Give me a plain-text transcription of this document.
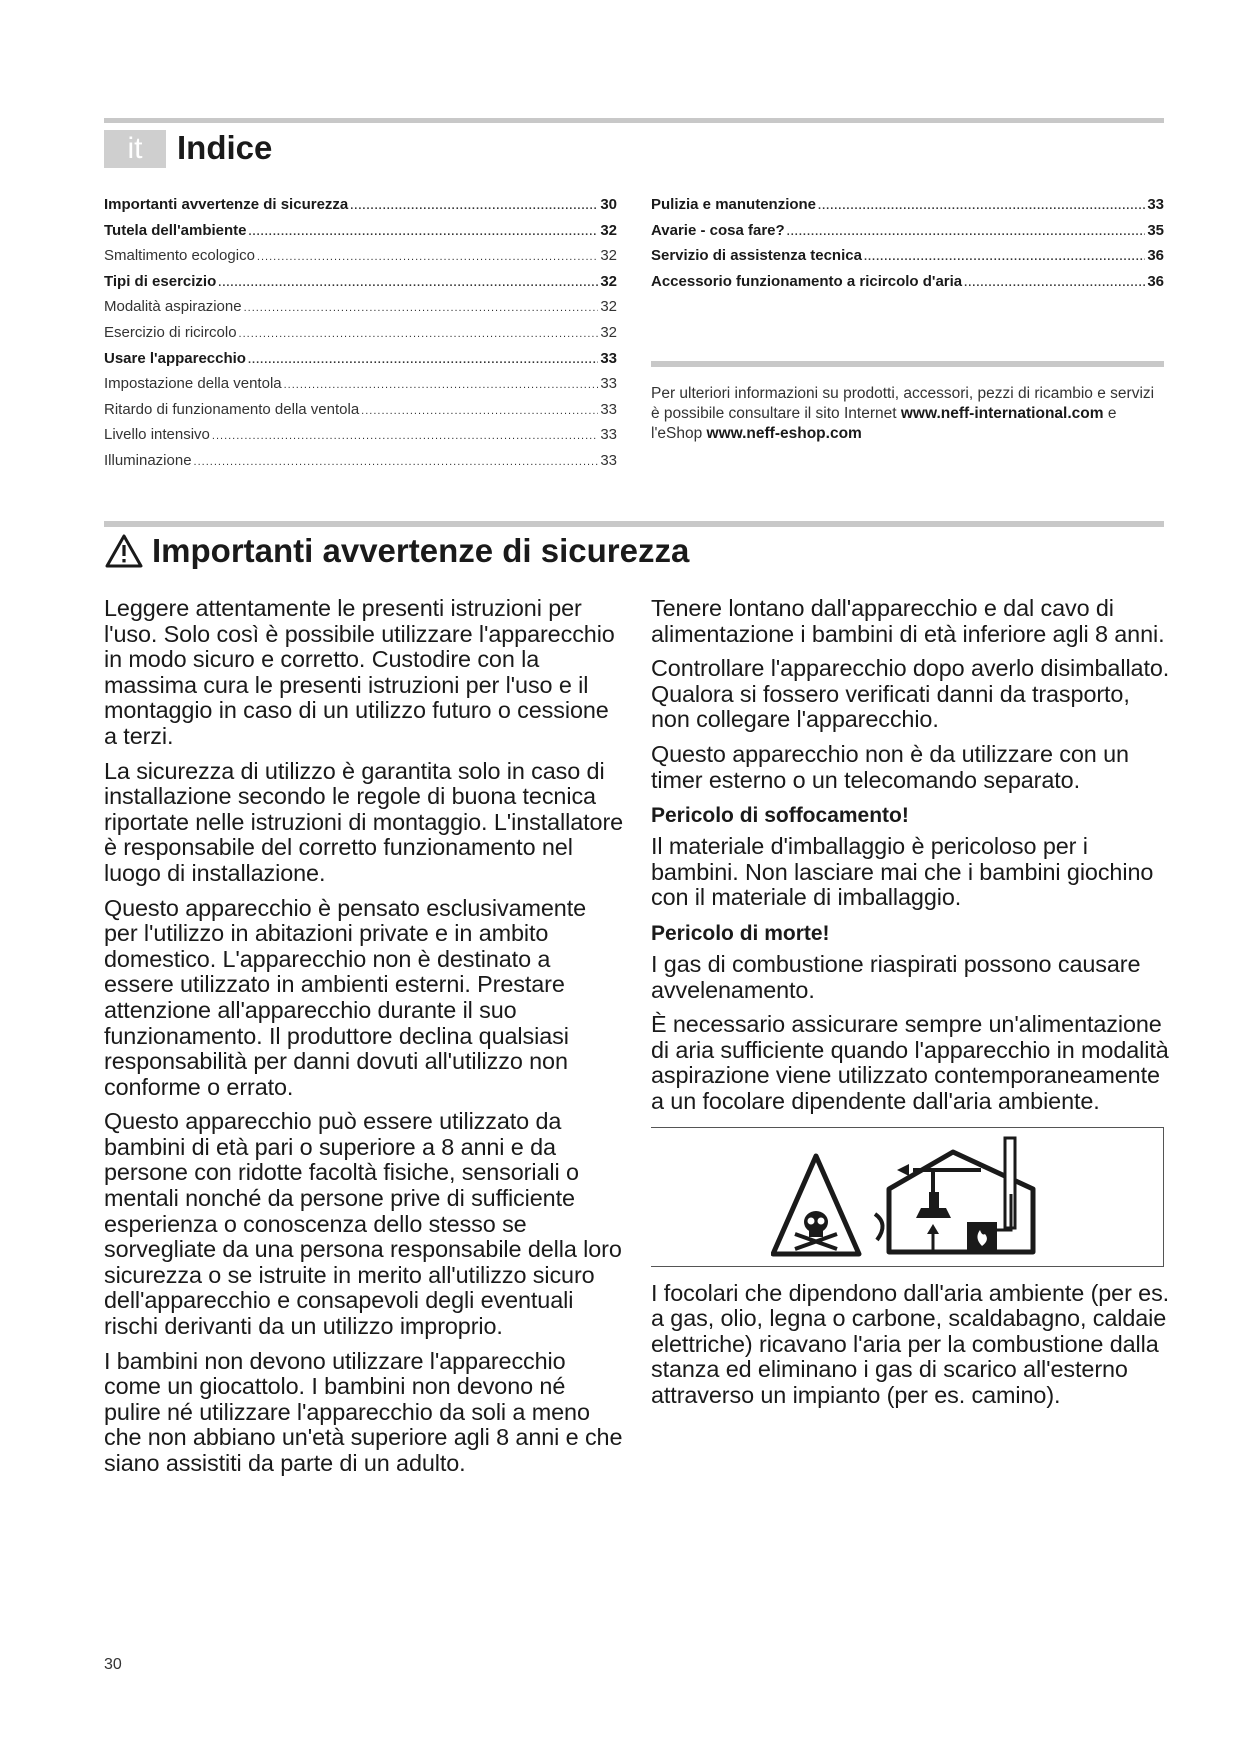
it	Indice
Importanti avvertenze di sicurezza .....	30
Tutela dell'ambiente .....	32
Smaltimento ecologico .....	32
Tipi di esercizio .....	32
Modalità aspirazione .....	32
Esercizio di ricircolo .....	32
Usare l'apparecchio .....	33
Impostazione della ventola .....	33
Ritardo di funzionamento della ventola .....	33
Livello intensivo .....	33
Illuminazione .....	33
Pulizia e manutenzione .....	33
Avarie - cosa fare? .....	35
Servizio di assistenza tecnica .....	36
Accessorio funzionamento a ricircolo d'aria .....	36

Per ulteriori informazioni su prodotti, accessori, pezzi di ricambio e servizi è possibile consultare il sito Internet www.neff-international.com e l'eShop www.neff-eshop.com

Importanti avvertenze di sicurezza

Leggere attentamente le presenti istruzioni per l'uso. Solo così è possibile utilizzare l'apparecchio in modo sicuro e corretto. Custodire con la massima cura le presenti istruzioni per l'uso e il montaggio in caso di un utilizzo futuro o cessione a terzi.

La sicurezza di utilizzo è garantita solo in caso di installazione secondo le regole di buona tecnica riportate nelle istruzioni di montaggio. L'installatore è responsabile del corretto funzionamento nel luogo di installazione.

Questo apparecchio è pensato esclusivamente per l'utilizzo in abitazioni private e in ambito domestico. L'apparecchio non è destinato a essere utilizzato in ambienti esterni. Prestare attenzione all'apparecchio durante il suo funzionamento. Il produttore declina qualsiasi responsabilità per danni dovuti all'utilizzo non conforme o errato.

Questo apparecchio può essere utilizzato da bambini di età pari o superiore a 8 anni e da persone con ridotte facoltà fisiche, sensoriali o mentali nonché da persone prive di sufficiente esperienza o conoscenza dello stesso se sorvegliate da una persona responsabile della loro sicurezza o se istruite in merito all'utilizzo sicuro dell'apparecchio e consapevoli degli eventuali rischi derivanti da un utilizzo improprio.

I bambini non devono utilizzare l'apparecchio come un giocattolo. I bambini non devono né pulire né utilizzare l'apparecchio da soli a meno che non abbiano un'età superiore agli 8 anni e che siano assistiti da parte di un adulto.

Tenere lontano dall'apparecchio e dal cavo di alimentazione i bambini di età inferiore agli 8 anni.

Controllare l'apparecchio dopo averlo disimballato. Qualora si fossero verificati danni da trasporto, non collegare l'apparecchio.

Questo apparecchio non è da utilizzare con un timer esterno o un telecomando separato.

Pericolo di soffocamento!

Il materiale d'imballaggio è pericoloso per i bambini. Non lasciare mai che i bambini giochino con il materiale di imballaggio.

Pericolo di morte!

I gas di combustione riaspirati possono causare avvelenamento.

È necessario assicurare sempre un'alimentazione di aria sufficiente quando l'apparecchio in modalità aspirazione viene utilizzato contemporaneamente a un focolare dipendente dall'aria ambiente.

I focolari che dipendono dall'aria ambiente (per es. a gas, olio, legna o carbone, scaldabagno, caldaie elettriche) ricavano l'aria per la combustione dalla stanza ed eliminano i gas di scarico all'esterno attraverso un impianto (per es. camino).

30
